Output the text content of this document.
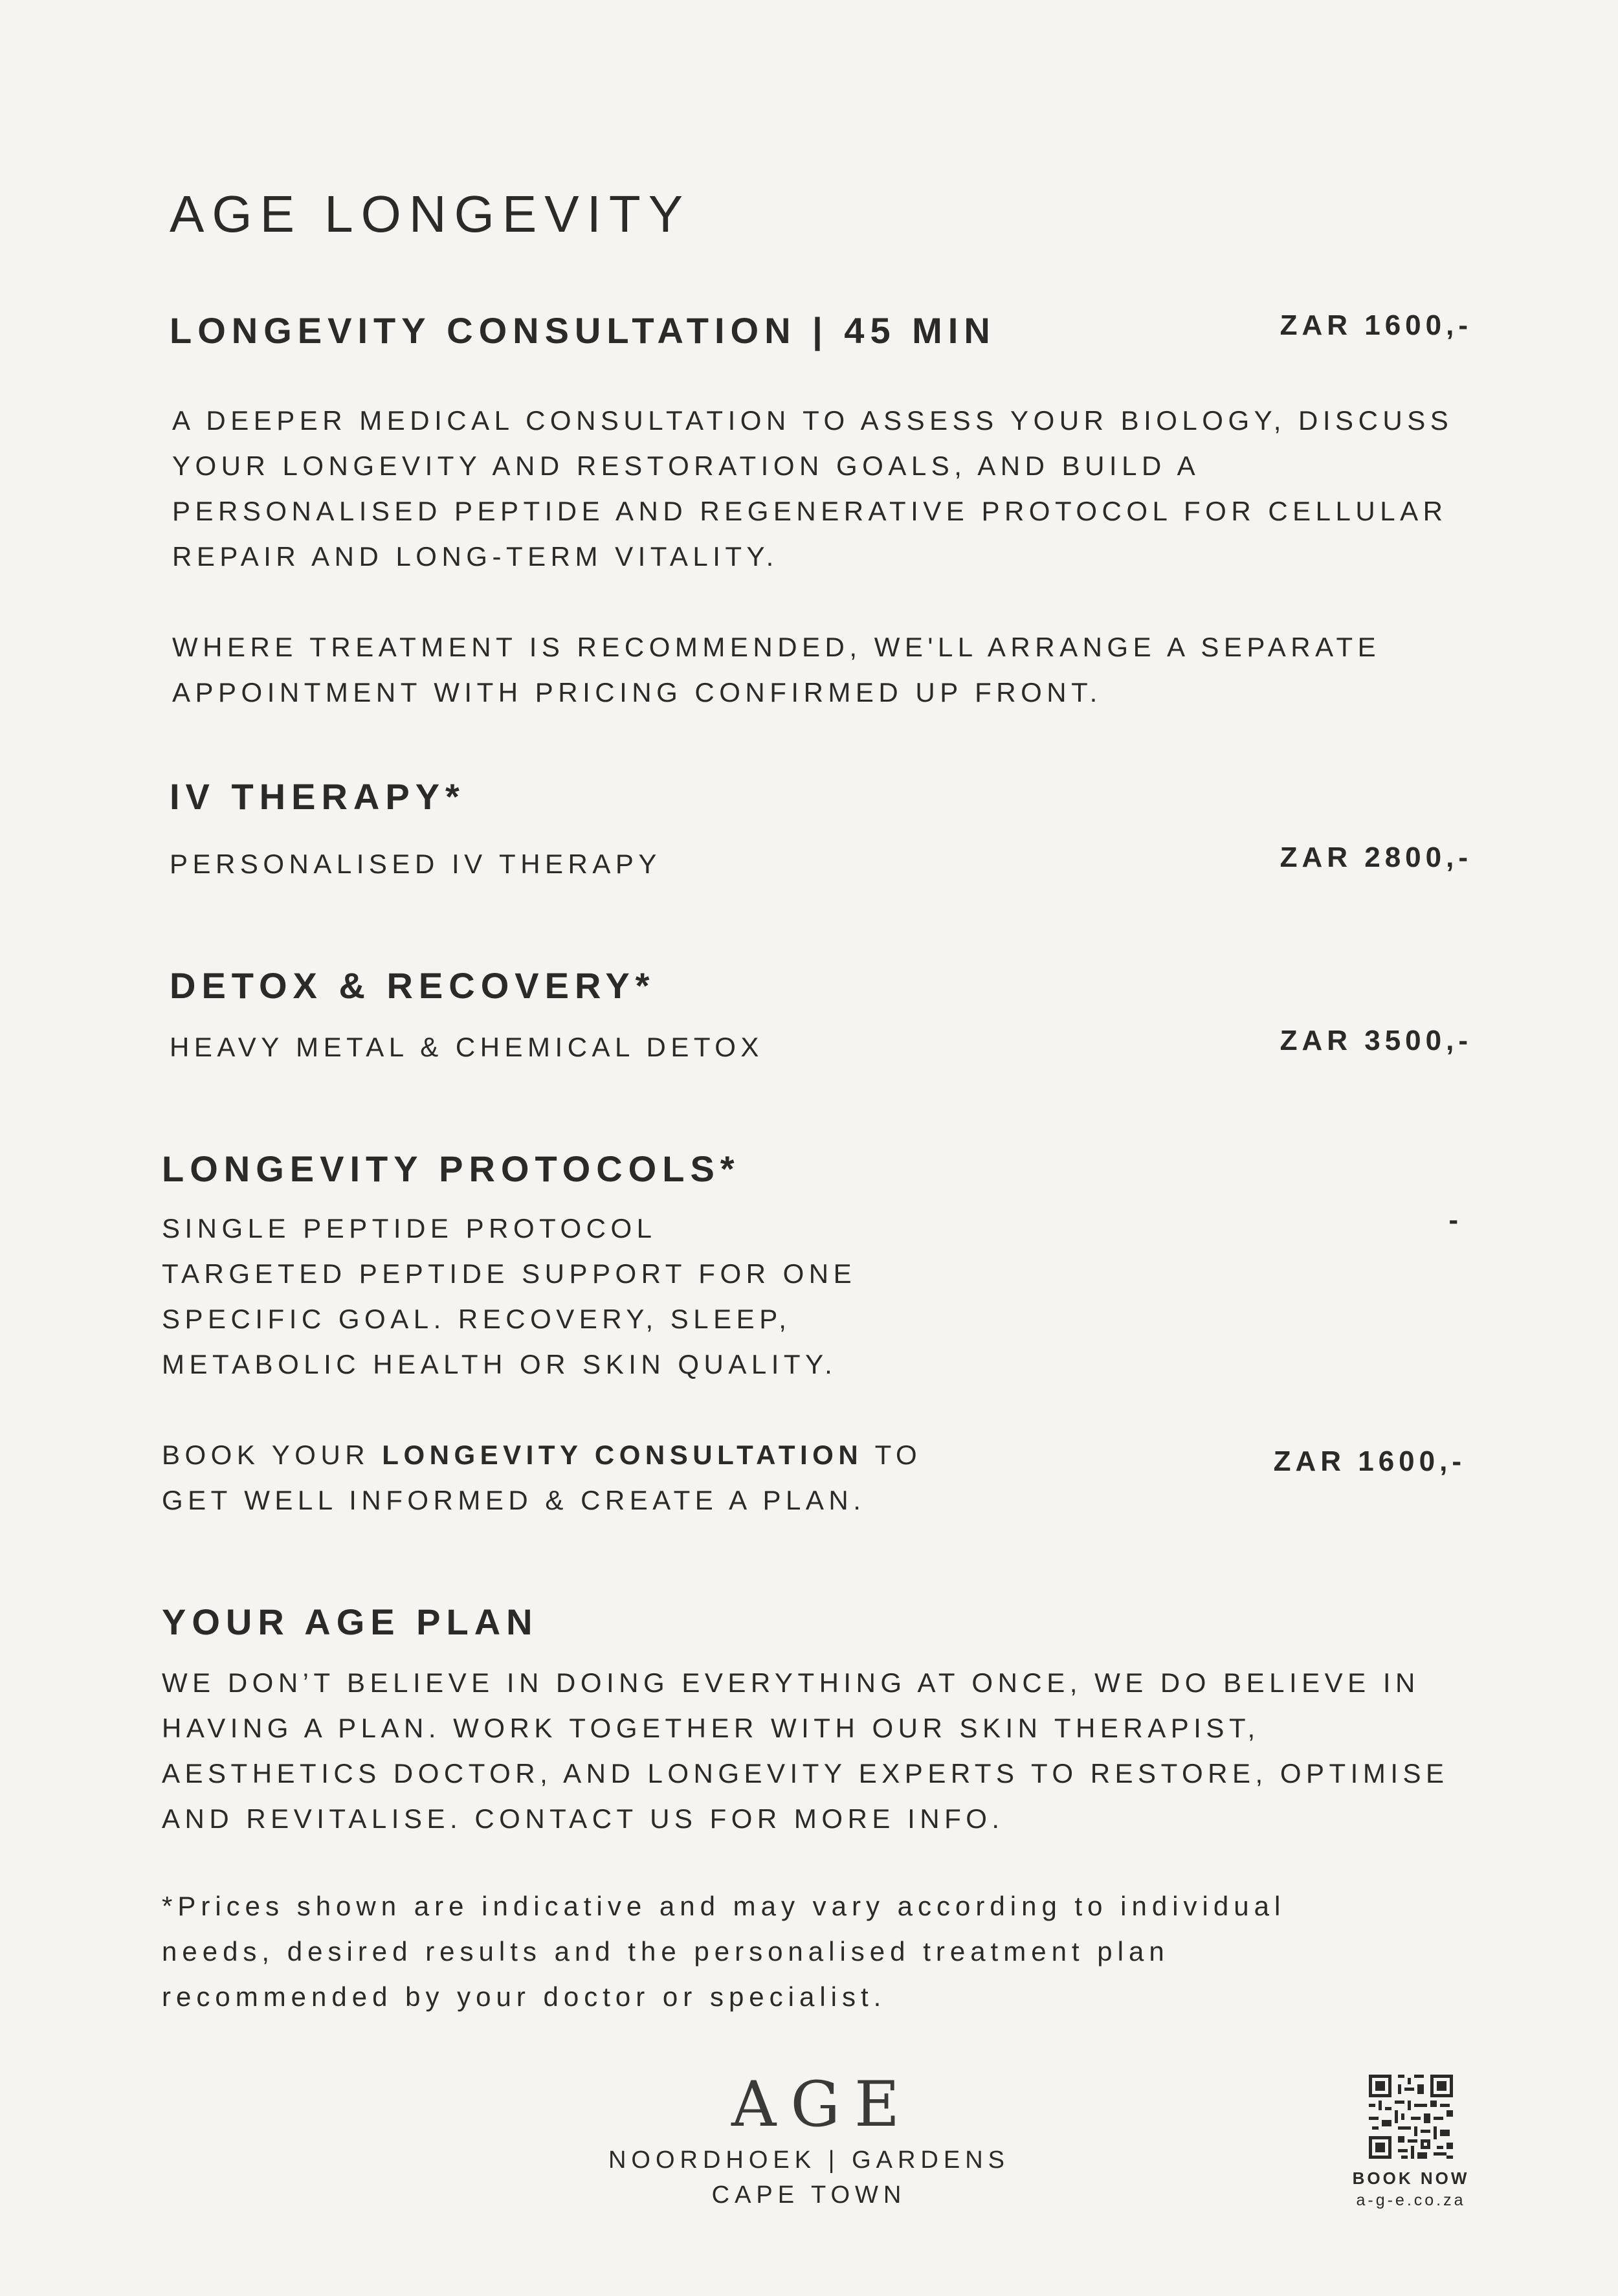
AGE LONGEVITY
LONGEVITY CONSULTATION | 45 MIN	ZAR 1600,-
A DEEPER MEDICAL CONSULTATION TO ASSESS YOUR BIOLOGY, DISCUSS
YOUR LONGEVITY AND RESTORATION GOALS, AND BUILD A
PERSONALISED PEPTIDE AND REGENERATIVE PROTOCOL FOR CELLULAR
REPAIR AND LONG-TERM VITALITY.
WHERE TREATMENT IS RECOMMENDED, WE'LL ARRANGE A SEPARATE
APPOINTMENT WITH PRICING CONFIRMED UP FRONT.
IV THERAPY*
PERSONALISED IV THERAPY	ZAR 2800,-
DETOX & RECOVERY*
HEAVY METAL & CHEMICAL DETOX	ZAR 3500,-
LONGEVITY PROTOCOLS*
SINGLE PEPTIDE PROTOCOL
TARGETED PEPTIDE SUPPORT FOR ONE
SPECIFIC GOAL. RECOVERY, SLEEP,
METABOLIC HEALTH OR SKIN QUALITY.
-
BOOK YOUR LONGEVITY CONSULTATION TO
GET WELL INFORMED & CREATE A PLAN.
ZAR 1600,-
YOUR AGE PLAN
WE DON’T BELIEVE IN DOING EVERYTHING AT ONCE, WE DO BELIEVE IN
HAVING A PLAN. WORK TOGETHER WITH OUR SKIN THERAPIST,
AESTHETICS DOCTOR, AND LONGEVITY EXPERTS TO RESTORE, OPTIMISE
AND REVITALISE. CONTACT US FOR MORE INFO.
*Prices shown are indicative and may vary according to individual
needs, desired results and the personalised treatment plan
recommended by your doctor or specialist.
AGE
NOORDHOEK | GARDENS
CAPE TOWN
BOOK NOW
a-g-e.co.za
